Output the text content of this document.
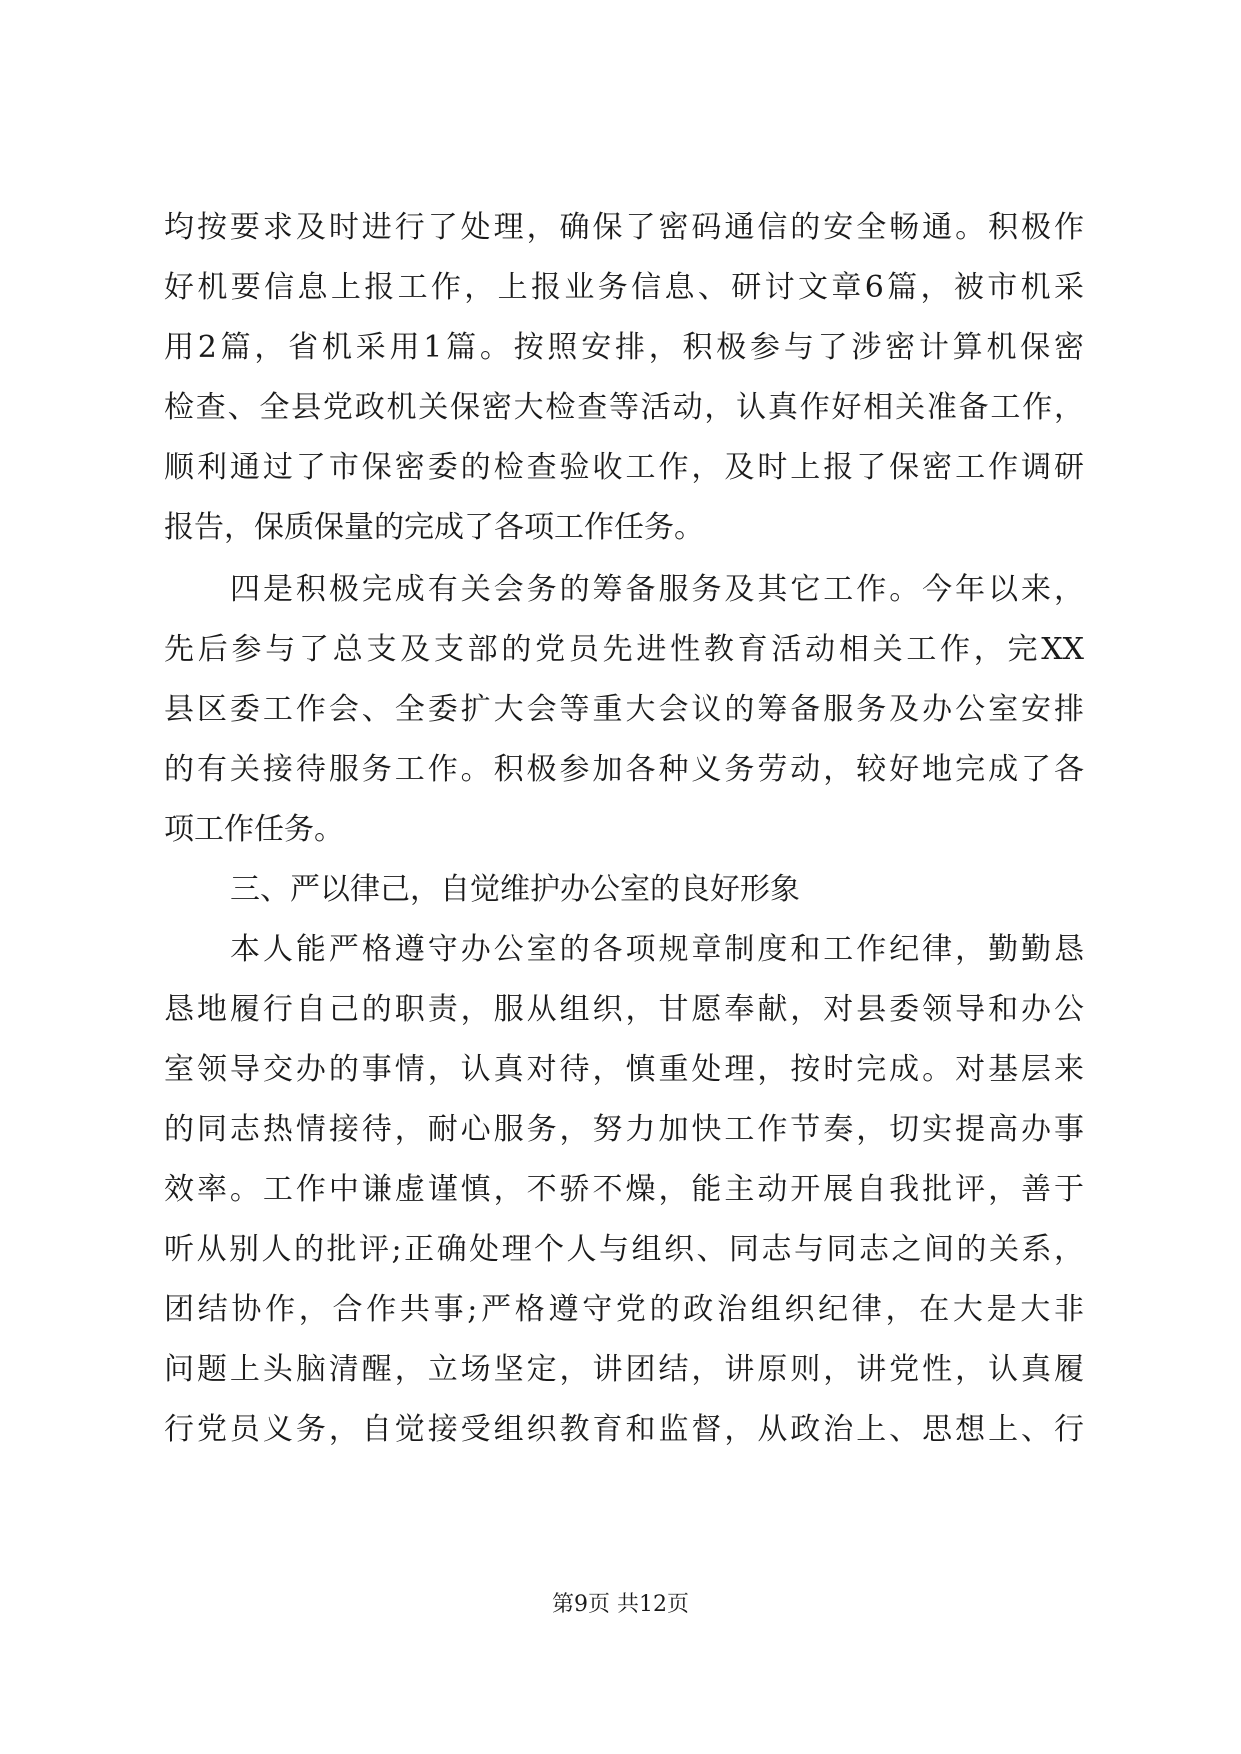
均按要求及时进行了处理，确保了密码通信的安全畅通。积极作
好机要信息上报工作，上报业务信息、研讨文章6篇，被市机采
用2篇，省机采用1篇。按照安排，积极参与了涉密计算机保密
检查、全县党政机关保密大检查等活动，认真作好相关准备工作，
顺利通过了市保密委的检查验收工作，及时上报了保密工作调研
报告，保质保量的完成了各项工作任务。
四是积极完成有关会务的筹备服务及其它工作。今年以来，
先后参与了总支及支部的党员先进性教育活动相关工作，完XX
县区委工作会、全委扩大会等重大会议的筹备服务及办公室安排
的有关接待服务工作。积极参加各种义务劳动，较好地完成了各
项工作任务。
三、严以律己，自觉维护办公室的良好形象
本人能严格遵守办公室的各项规章制度和工作纪律，勤勤恳
恳地履行自己的职责，服从组织，甘愿奉献，对县委领导和办公
室领导交办的事情，认真对待，慎重处理，按时完成。对基层来
的同志热情接待，耐心服务，努力加快工作节奏，切实提高办事
效率。工作中谦虚谨慎，不骄不燥，能主动开展自我批评，善于
听从别人的批评;正确处理个人与组织、同志与同志之间的关系，
团结协作，合作共事;严格遵守党的政治组织纪律，在大是大非
问题上头脑清醒，立场坚定，讲团结，讲原则，讲党性，认真履
行党员义务，自觉接受组织教育和监督，从政治上、思想上、行
第9页 共12页
